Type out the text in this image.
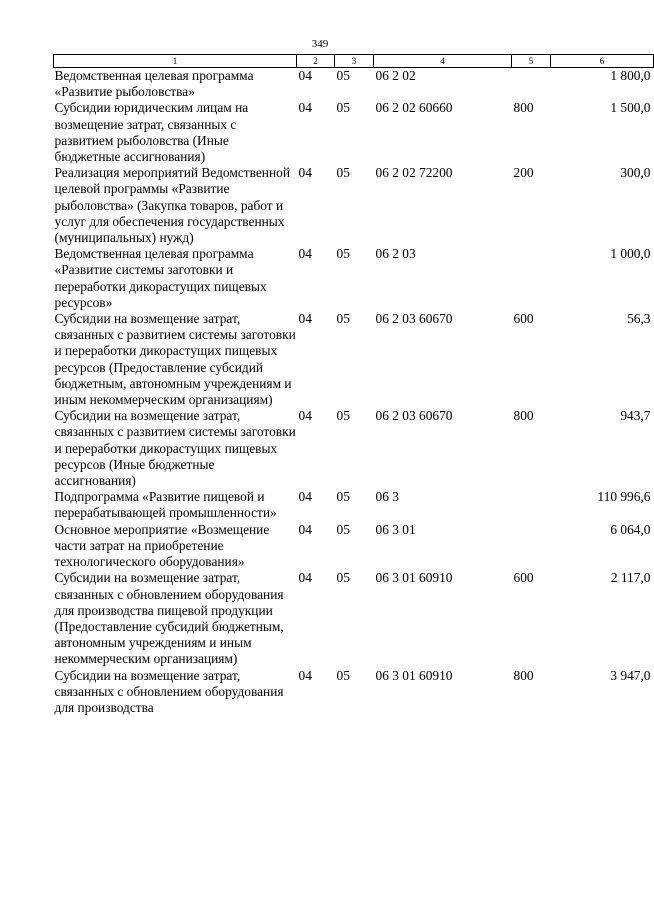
349
1	2	3	4	5	6
Ведомственная целевая программа «Развитие рыболовства»	04	05	06 2 02		1 800,0
Субсидии юридическим лицам на возмещение затрат, связанных с развитием рыболовства (Иные бюджетные ассигнования)	04	05	06 2 02 60660	800	1 500,0
Реализация мероприятий Ведомственной целевой программы «Развитие рыболовства» (Закупка товаров, работ и услуг для обеспечения государственных (муниципальных) нужд)	04	05	06 2 02 72200	200	300,0
Ведомственная целевая программа «Развитие системы заготовки и переработки дикорастущих пищевых ресурсов»	04	05	06 2 03		1 000,0
Субсидии на возмещение затрат, связанных с развитием системы заготовки и переработки дикорастущих пищевых ресурсов (Предоставление субсидий бюджетным, автономным учреждениям и иным некоммерческим организациям)	04	05	06 2 03 60670	600	56,3
Субсидии на возмещение затрат, связанных с развитием системы заготовки и переработки дикорастущих пищевых ресурсов (Иные бюджетные ассигнования)	04	05	06 2 03 60670	800	943,7
Подпрограмма «Развитие пищевой и перерабатывающей промышленности»	04	05	06 3		110 996,6
Основное мероприятие «Возмещение части затрат на приобретение технологического оборудования»	04	05	06 3 01		6 064,0
Субсидии на возмещение затрат, связанных с обновлением оборудования для производства пищевой продукции (Предоставление субсидий бюджетным, автономным учреждениям и иным некоммерческим организациям)	04	05	06 3 01 60910	600	2 117,0
Субсидии на возмещение затрат, связанных с обновлением оборудования для производства	04	05	06 3 01 60910	800	3 947,0
